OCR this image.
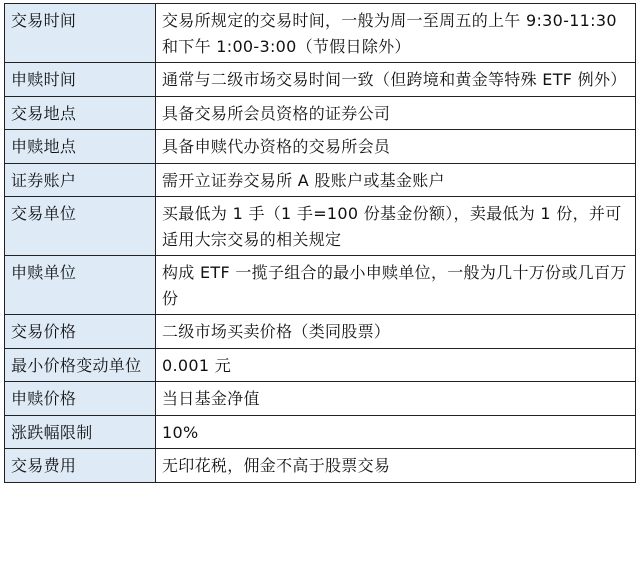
交易时间	交易所规定的交易时间，一般为周一至周五的上午 9:30-11:30 和下午 1:00-3:00（节假日除外）
申赎时间	通常与二级市场交易时间一致（但跨境和黄金等特殊 ETF 例外）
交易地点	具备交易所会员资格的证券公司
申赎地点	具备申赎代办资格的交易所会员
证券账户	需开立证券交易所 A 股账户或基金账户
交易单位	买最低为 1 手（1 手=100 份基金份额），卖最低为 1 份，并可适用大宗交易的相关规定
申赎单位	构成 ETF 一揽子组合的最小申赎单位，一般为几十万份或几百万份
交易价格	二级市场买卖价格（类同股票）
最小价格变动单位	0.001 元
申赎价格	当日基金净值
涨跌幅限制	10%
交易费用	无印花税，佣金不高于股票交易
